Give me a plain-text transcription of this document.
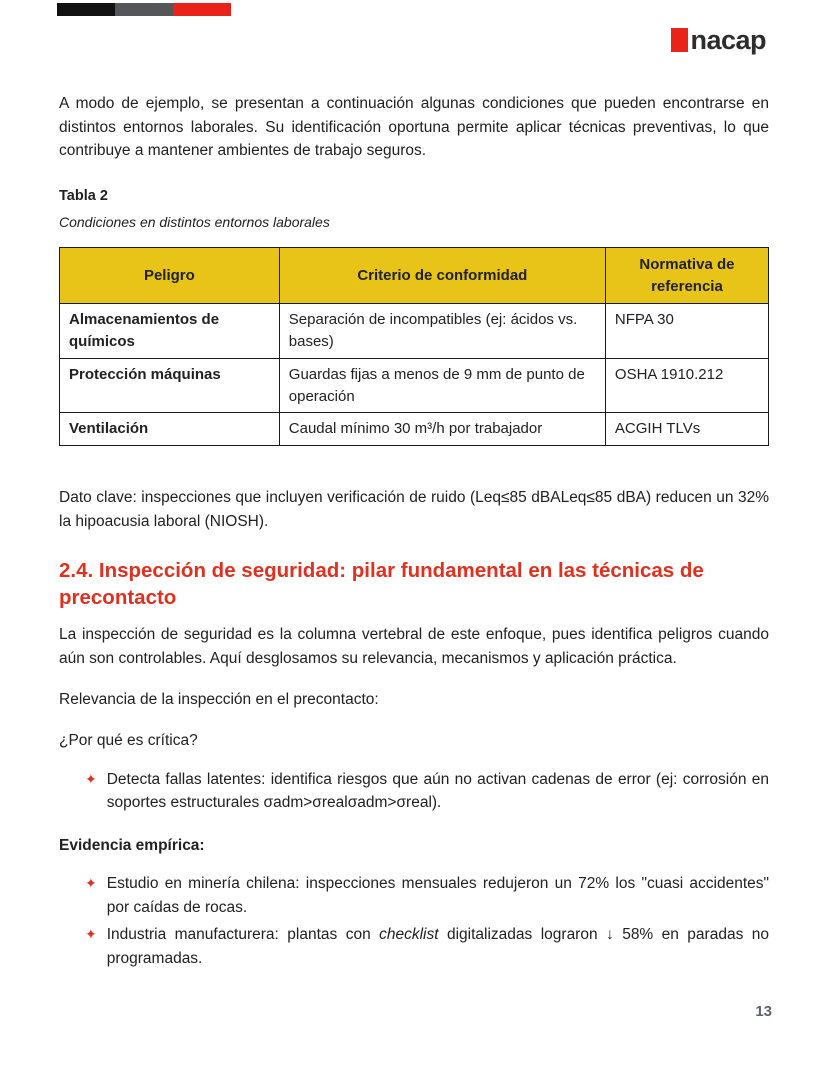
nacap

A modo de ejemplo, se presentan a continuación algunas condiciones que pueden encontrarse en distintos entornos laborales. Su identificación oportuna permite aplicar técnicas preventivas, lo que contribuye a mantener ambientes de trabajo seguros.

Tabla 2

Condiciones en distintos entornos laborales

Peligro	Criterio de conformidad	Normativa de referencia
Almacenamientos de químicos	Separación de incompatibles (ej: ácidos vs. bases)	NFPA 30
Protección máquinas	Guardas fijas a menos de 9 mm de punto de operación	OSHA 1910.212
Ventilación	Caudal mínimo 30 m³/h por trabajador	ACGIH TLVs

Dato clave: inspecciones que incluyen verificación de ruido (Leq≤85 dBALeq≤85 dBA) reducen un 32% la hipoacusia laboral (NIOSH).

2.4. Inspección de seguridad: pilar fundamental en las técnicas de precontacto

La inspección de seguridad es la columna vertebral de este enfoque, pues identifica peligros cuando aún son controlables. Aquí desglosamos su relevancia, mecanismos y aplicación práctica.

Relevancia de la inspección en el precontacto:

¿Por qué es crítica?

✦ Detecta fallas latentes: identifica riesgos que aún no activan cadenas de error (ej: corrosión en soportes estructurales σadm>σrealσadm>σreal).

Evidencia empírica:

✦ Estudio en minería chilena: inspecciones mensuales redujeron un 72% los "cuasi accidentes" por caídas de rocas.
✦ Industria manufacturera: plantas con checklist digitalizadas lograron ↓ 58% en paradas no programadas.
13
